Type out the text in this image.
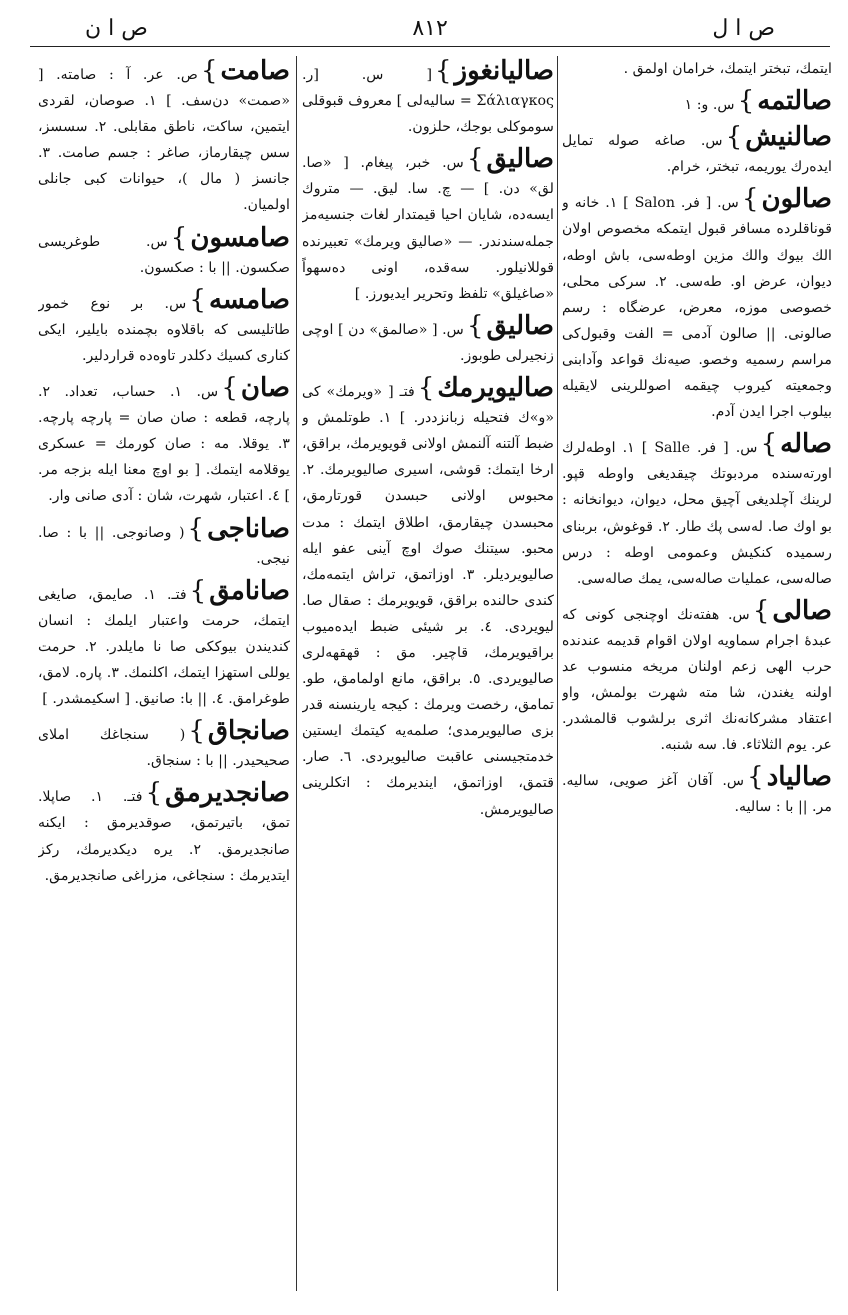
ص ا ل
٨١٢
ص ا ن
ايتمك، تبختر ايتمك، خرامان اولمق .
صالتمه}س. و: ١
صالنيش}س. صاغه صوله تمايل ايده‌رك يوريمه، تبختر، خرام.
صالون}س. [ فر. Salon ] ١. خانه و قوناقلرده مسافر قبول ايتمكه مخصوص اولان الك بيوك والك مزين اوطه‌سى، باش اوطه، ديوان، عرض او. طه‌سى. ٢. سركى محلى، خصوصى موزه، معرض، عرضگاه : رسم صالونى. || صالون آدمى = الفت وقبول‌كى مراسم رسميه وخصو. صيه‌نك قواعد وآدابنى وجمعيته كيروب چيقمه اصوللرينى لايقيله بيلوب اجرا ايدن آدم.
صاله}س. [ فر. Salle ] ١. اوطه‌لرك اورته‌سنده مردبوتك چيقديغى واوطه قپو. لرينك آچلديغى آچيق محل، ديوان، ديوانخانه : بو اوك صا. له‌سى پك طار. ٢. قوغوش، بربناى رسميده كنكيش وعمومى اوطه : درس صاله‌سى، عمليات صاله‌سى، يمك صاله‌سى.
صالى}س. هفته‌نك اوچنجى كونى كه عبدهٔ اجرام سماويه اولان اقوام قديمه عندنده حرب الهى زعم اولنان مريخه منسوب عد اولنه يغندن، شا مته شهرت بولمش، واو اعتقاد مشركانه‌نك اثرى برلشوب قالمشدر. عر. يوم الثلاثاء. فا. سه شنبه.
صالياد}س. آقان آغز صويى، ساليه. مر. || با : ساليه.
صاليانغوز}[ س. [ر. Σάλιαγκος = ساليه‌لى ] معروف قبوقلى سوموكلى بوجك، حلزون.
صاليق}س. خبر، پيغام. [ «صا. لق» دن. ] — چ. سا. ليق. — متروك ايسه‌ده، شايان احيا قيمتدار لغات جنسيه‌مز جمله‌سندندر. — «صاليق ويرمك» تعبيرنده قوللانيلور. سه‌قده، اونى ده‌سهواً «صاغيلق» تلفظ وتحرير ايديورز. ]
صاليق}س. [ «صالمق» دن ] اوچى زنجيرلى طوبوز.
صاليويرمك}فتـ [ «ويرمك» كى «و»ك فتحيله ‌زبانزددر. ] ١. طوتلمش و ضبط آلتنه آلنمش اولانى قويويرمك، براقق، ارخا ايتمك: قوشى، اسيرى صاليويرمك. ٢. محبوس اولانى حبسدن قورتارمق، محبسدن چيقارمق، اطلاق ايتمك : مدت محبو. سيتنك صوك اوچ آينى عفو ايله صاليويرديلر. ٣. اوزاتمق، تراش ايتمه‌مك، كندى حالنده براقق، قويويرمك : صقال صا. ليويردى. ٤. بر شيئى ضبط ايده‌ميوب براقيويرمك، قاچير. مق : قهقهه‌لرى صاليويردى. ٥. براقق، مانع اولمامق، طو. تمامق، رخصت ويرمك : كيجه يارينسنه قدر بزى صاليويرمدى؛ صلمه‌يه كيتمك ايستين خدمتجيسنى عاقبت صاليويردى. ٦. صار. قتمق، اوزاتمق، اينديرمك : اتكلرينى صاليويرمش.
صامت}ص. عر. آ : صامته. [ «صمت» دن‌سف. ] ١. صوصان، لقردى ايتمين، ساكت، ناطق مقابلى. ٢. سسسز، سس چيقارماز، صاغر : جسم صامت. ٣. جانسز ( مال )، حيوانات كبى جانلى اولميان.
صامسون}س. طوغريسى صكسون. || با : صكسون.
صامسه}س. بر نوع خمور طاتليسى كه باقلاوه‌ بچمنده بايلير، ايكى كنارى كسيك دكلدر تاوه‌ده قراردلير.
صان}س. ١. حساب، تعداد. ٢. پارچه، قطعه : صان صان = پارچه پارچه. ٣. يوقلا. مه : صان كورمك = عسكرى يوقلامه ايتمك. [ بو اوچ معنا ايله بزجه مر. ] ٤. اعتبار، شهرت، شان : آدى صانى وار.
صاناجى}( وصانوجى. || با : صا. نيجى.
صانامق}فتـ. ١. صايمق، صايغى ايتمك، حرمت واعتبار ايلمك : انسان كنديندن بيوككى صا نا مايلدر. ٢. حرمت يوللى استهزا ايتمك، اكلنمك. ٣. پاره. لامق، طوغرامق. ٤. || با: صانيق. [ اسكيمشدر. ]
صانجاق}( سنجاغك املاى صحيحيدر. || با : سنجاق.
صانجديرمق}فتـ. ١. صاپلا. تمق، باتيرتمق، صوقديرمق : ايكنه صانجديرمق. ٢. يره ديكديرمك، ركز ايتديرمك : سنجاغى، مزراغى صانجديرمق.
